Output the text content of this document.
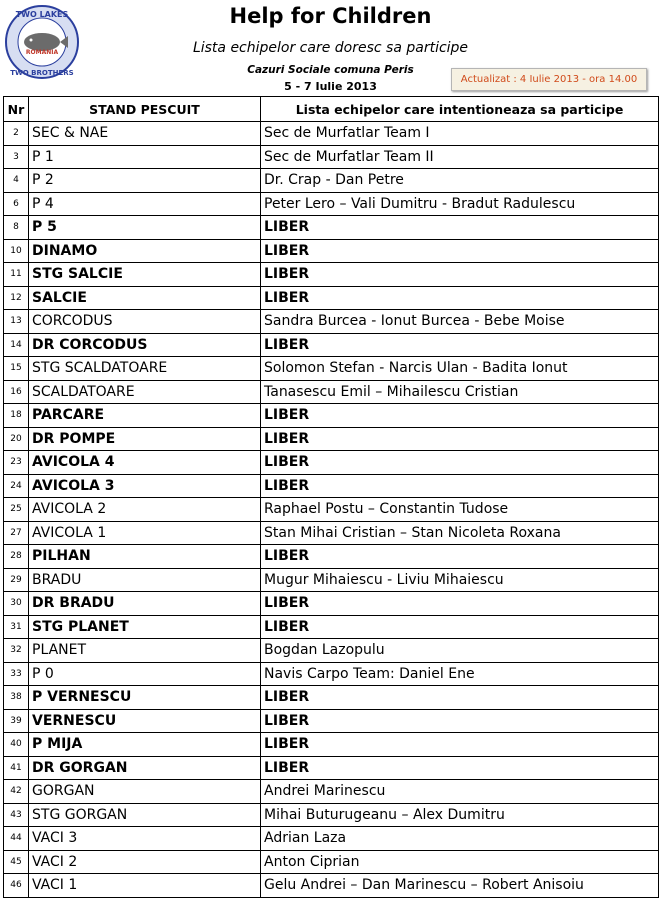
TWO LAKES
ROMANIA
TWO BROTHERS
Help for Children
Lista echipelor care doresc sa participe
Cazuri Sociale comuna Peris
5 - 7 Iulie 2013
Actualizat : 4 Iulie 2013 - ora 14.00
Nr	STAND PESCUIT	Lista echipelor care intentioneaza sa participe
2	SEC & NAE	Sec de Murfatlar Team I
3	P 1	Sec de Murfatlar Team II
4	P 2	Dr. Crap - Dan Petre
6	P 4	Peter Lero – Vali Dumitru - Bradut Radulescu
8	P 5	LIBER
10	DINAMO	LIBER
11	STG SALCIE	LIBER
12	SALCIE	LIBER
13	CORCODUS	Sandra Burcea - Ionut Burcea - Bebe Moise
14	DR CORCODUS	LIBER
15	STG SCALDATOARE	Solomon Stefan - Narcis Ulan - Badita Ionut
16	SCALDATOARE	Tanasescu Emil – Mihailescu Cristian
18	PARCARE	LIBER
20	DR POMPE	LIBER
23	AVICOLA 4	LIBER
24	AVICOLA 3	LIBER
25	AVICOLA 2	Raphael Postu – Constantin Tudose
27	AVICOLA 1	Stan Mihai Cristian – Stan Nicoleta Roxana
28	PILHAN	LIBER
29	BRADU	Mugur Mihaiescu - Liviu Mihaiescu
30	DR BRADU	LIBER
31	STG PLANET	LIBER
32	PLANET	Bogdan Lazopulu
33	P 0	Navis Carpo Team: Daniel Ene
38	P VERNESCU	LIBER
39	VERNESCU	LIBER
40	P MIJA	LIBER
41	DR GORGAN	LIBER
42	GORGAN	Andrei Marinescu
43	STG GORGAN	Mihai Buturugeanu – Alex Dumitru
44	VACI 3	Adrian Laza
45	VACI 2	Anton Ciprian
46	VACI 1	Gelu Andrei – Dan Marinescu – Robert Anisoiu
